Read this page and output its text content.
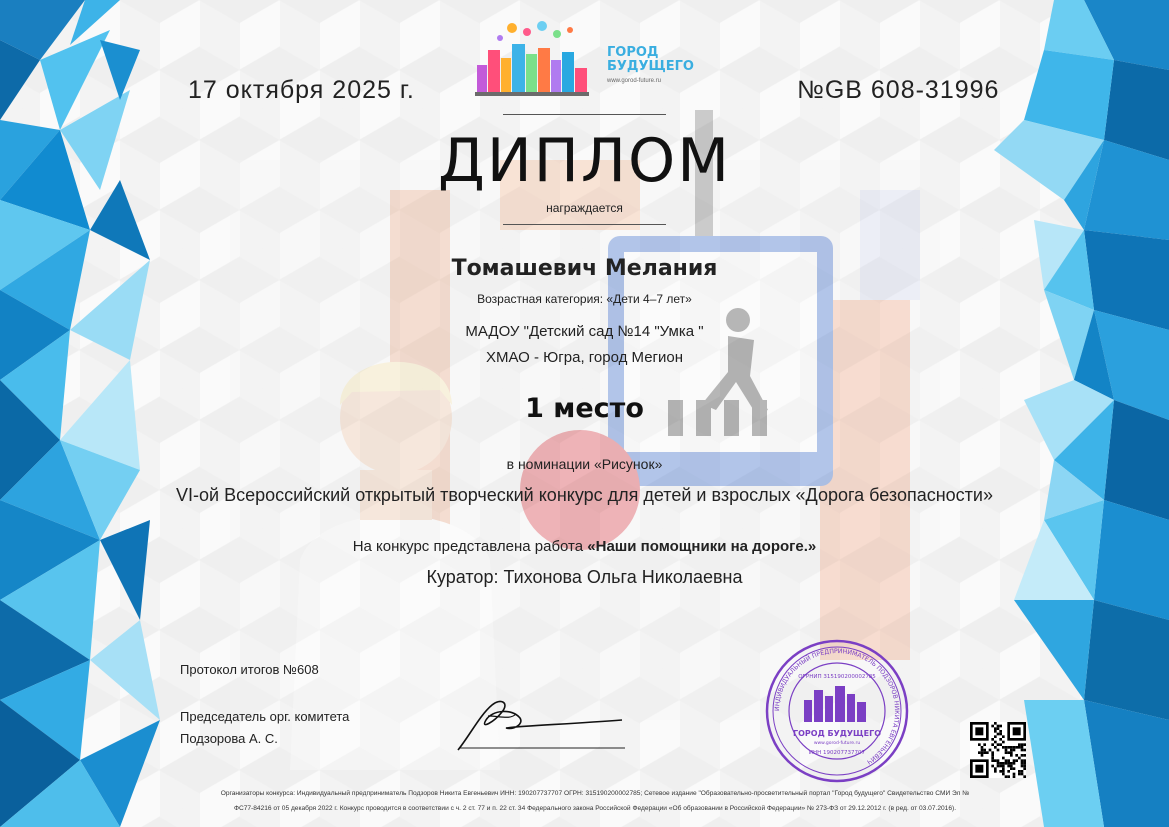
17 октября 2025 г.	№GB 608-31996
ГОРОД
БУДУЩЕГО
www.gorod-future.ru
ДИПЛОМ
награждается
Томашевич Мелания
Возрастная категория: «Дети 4–7 лет»
МАДОУ "Детский сад №14 "Умка "
ХМАО - Югра, город Мегион
1 место
в номинации «Рисунок»
VI-ой Всероссийский открытый творческий конкурс для детей и взрослых «Дорога безопасности»
На конкурс представлена работа «Наши помощники на дороге.»
Куратор: Тихонова Ольга Николаевна
Протокол итогов №608
Председатель орг. комитета
Подзорова А. С.
ИНДИВИДУАЛЬНЫЙ ПРЕДПРИНИМАТЕЛЬ ПОДЗОРОВ НИКИТА ЕВГЕНЬЕВИЧ
ГОРОД БУДУЩЕГО
www.gorod-future.ru
ОГРНИП 315190200002785
ИНН 190207737707
Организаторы конкурса: Индивидуальный предприниматель Подзоров Никита Евгеньевич ИНН: 190207737707 ОГРН: 315190200002785; Сетевое издание "Образовательно-просветительный портал "Город будущего" Свидетельство СМИ Эл №
ФС77-84216 от 05 декабря 2022 г. Конкурс проводится в соответствии с ч. 2 ст. 77 и п. 22 ст. 34 Федерального закона Российской Федерации «Об образовании в Российской Федерации» № 273-ФЗ от 29.12.2012 г. (в ред. от 03.07.2016).
